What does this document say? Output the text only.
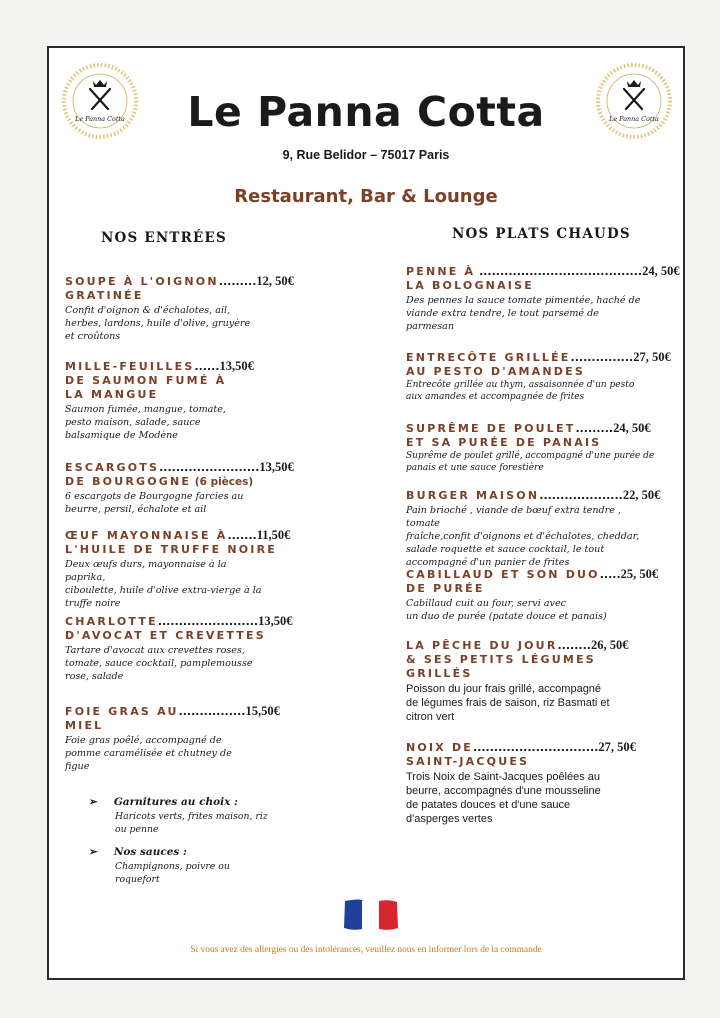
Le Panna Cotta	Le Panna Cotta
Le Panna Cotta
9, Rue Belidor – 75017 Paris
Restaurant, Bar & Lounge
NOS ENTRÉES	NOS PLATS CHAUDS
SOUPE À L'OIGNON.........12, 50€
GRATINÉE
Confit d'oignon & d'échalotes, ail,
herbes, lardons, huile d'olive, gruyère
et croûtons
MILLE-FEUILLES......13,50€
DE SAUMON FUMÉ À
LA MANGUE
Saumon fumée, mangue, tomate,
pesto maison, salade, sauce
balsamique de Modène
ESCARGOTS........................13,50€
DE BOURGOGNE (6 pièces)
6 escargots de Bourgogne farcies au
beurre, persil, échalote et ail
ŒUF MAYONNAISE À.......11,50€
L'HUILE DE TRUFFE NOIRE
Deux œufs durs, mayonnaise à la paprika,
ciboulette, huile d'olive extra-vierge à la
truffe noire
CHARLOTTE........................13,50€
D'AVOCAT ET CREVETTES
Tartare d'avocat aux crevettes roses,
tomate, sauce cocktail, pamplemousse
rose, salade
FOIE GRAS AU................15,50€
MIEL
Foie gras poêlé, accompagné de
pomme caramélisée et chutney de
figue
PENNE À .......................................24, 50€
LA BOLOGNAISE
Des pennes la sauce tomate pimentée, haché de
viande extra tendre, le tout parsemé de
parmesan
ENTRECÔTE GRILLÉE...............27, 50€
AU PESTO D'AMANDES
Entrecôte grillée au thym, assaisonnée d'un pesto
aux amandes et accompagnée de frites
SUPRÊME DE POULET.........24, 50€
ET SA PURÉE DE PANAIS
Suprême de poulet grillé, accompagné d'une purée de
panais et une sauce forestière
BURGER MAISON....................22, 50€
Pain brioché , viande de bœuf extra tendre , tomate
fraîche,confit d'oignons et d'échalotes, cheddar,
salade roquette et sauce cocktail, le tout
accompagné d'un panier de frites
CABILLAUD ET SON DUO.....25, 50€
DE PURÉE
Cabillaud cuit au four, servi avec
un duo de purée (patate douce et panais)
LA PÊCHE DU JOUR........26, 50€
& SES PETITS LÉGUMES
GRILLÉS
Poisson du jour frais grillé, accompagné
de légumes frais de saison, riz Basmati et
citron vert
NOIX DE..............................27, 50€
SAINT-JACQUES
Trois Noix de Saint-Jacques poêlées au
beurre, accompagnés d'une mousseline
de patates douces et d'une sauce
d'asperges vertes
➢ Garnitures au choix :
Haricots verts, frites maison, riz
ou penne
➢ Nos sauces :
Champignons, poivre ou
roquefort
Si vous avez des allergies ou des intolérances, veuillez nous en informer lors de la commande
